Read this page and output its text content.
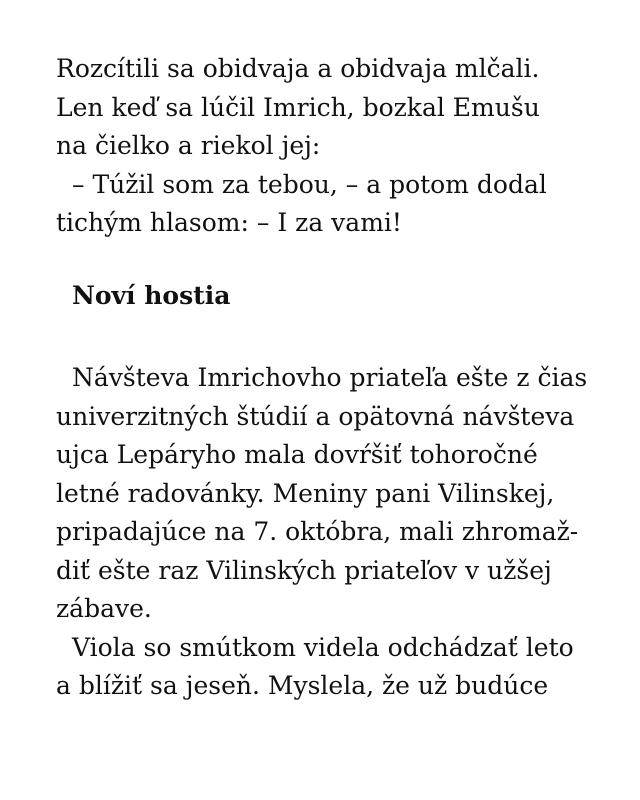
Rozcítili sa obidvaja a obidvaja mlčali.
Len keď sa lúčil Imrich, bozkal Emušu
na čielko a riekol jej:
– Túžil som za tebou, – a potom dodal
tichým hlasom: – I za vami!
Noví hostia
Návšteva Imrichovho priateľa ešte z čias
univerzitných štúdií a opätovná návšteva
ujca Lepáryho mala dovŕšiť tohoročné
letné radovánky. Meniny pani Vilinskej,
pripadajúce na 7. októbra, mali zhromaž-
diť ešte raz Vilinských priateľov v užšej
zábave.
Viola so smútkom videla odchádzať leto
a blížiť sa jeseň. Myslela, že už budúce
